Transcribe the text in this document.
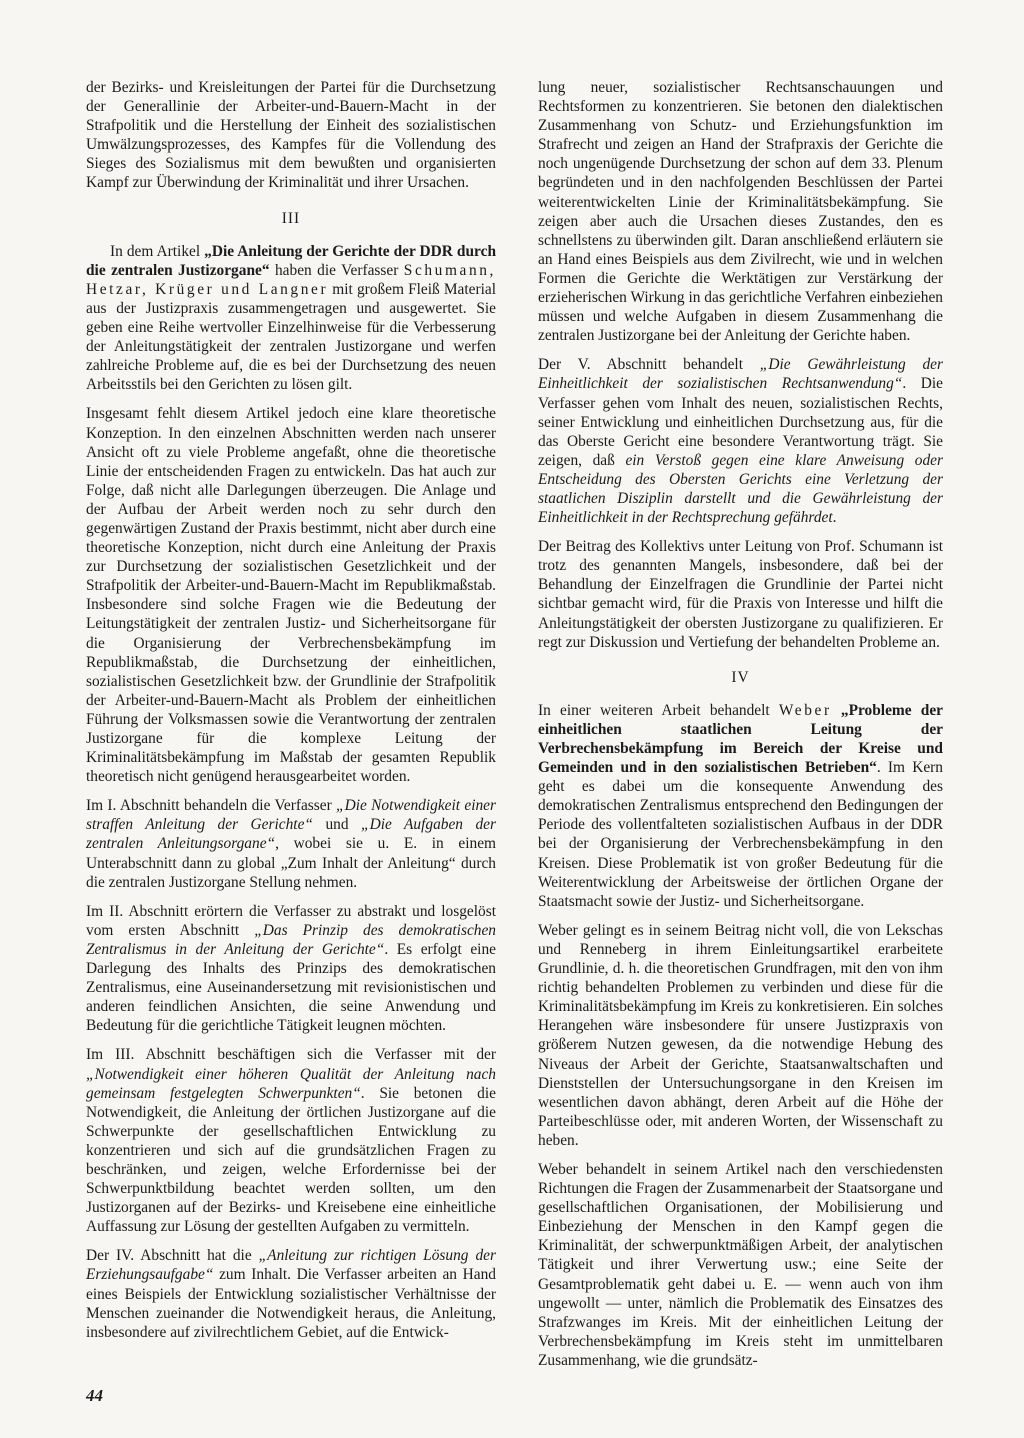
der Bezirks- und Kreisleitungen der Partei für die Durchsetzung der Generallinie der Arbeiter-und-Bauern-Macht in der Strafpolitik und die Herstellung der Einheit des sozialistischen Umwälzungsprozesses, des Kampfes für die Vollendung des Sieges des Sozialismus mit dem bewußten und organisierten Kampf zur Überwindung der Kriminalität und ihrer Ursachen.

III

In dem Artikel „Die Anleitung der Gerichte der DDR durch die zentralen Justizorgane“ haben die Verfasser Schumann, Hetzar, Krüger und Langner mit großem Fleiß Material aus der Justizpraxis zusammengetragen und ausgewertet. Sie geben eine Reihe wertvoller Einzelhinweise für die Verbesserung der Anleitungstätigkeit der zentralen Justizorgane und werfen zahlreiche Probleme auf, die es bei der Durchsetzung des neuen Arbeitsstils bei den Gerichten zu lösen gilt.

Insgesamt fehlt diesem Artikel jedoch eine klare theoretische Konzeption. In den einzelnen Abschnitten werden nach unserer Ansicht oft zu viele Probleme angefaßt, ohne die theoretische Linie der entscheidenden Fragen zu entwickeln. Das hat auch zur Folge, daß nicht alle Darlegungen überzeugen. Die Anlage und der Aufbau der Arbeit werden noch zu sehr durch den gegenwärtigen Zustand der Praxis bestimmt, nicht aber durch eine theoretische Konzeption, nicht durch eine Anleitung der Praxis zur Durchsetzung der sozialistischen Gesetzlichkeit und der Strafpolitik der Arbeiter-und-Bauern-Macht im Republikmaßstab. Insbesondere sind solche Fragen wie die Bedeutung der Leitungstätigkeit der zentralen Justiz- und Sicherheitsorgane für die Organisierung der Verbrechensbekämpfung im Republikmaßstab, die Durchsetzung der einheitlichen, sozialistischen Gesetzlichkeit bzw. der Grundlinie der Strafpolitik der Arbeiter-und-Bauern-Macht als Problem der einheitlichen Führung der Volksmassen sowie die Verantwortung der zentralen Justizorgane für die komplexe Leitung der Kriminalitätsbekämpfung im Maßstab der gesamten Republik theoretisch nicht genügend herausgearbeitet worden.

Im I. Abschnitt behandeln die Verfasser „Die Notwendigkeit einer straffen Anleitung der Gerichte“ und „Die Aufgaben der zentralen Anleitungsorgane“, wobei sie u. E. in einem Unterabschnitt dann zu global „Zum Inhalt der Anleitung“ durch die zentralen Justizorgane Stellung nehmen.

Im II. Abschnitt erörtern die Verfasser zu abstrakt und losgelöst vom ersten Abschnitt „Das Prinzip des demokratischen Zentralismus in der Anleitung der Gerichte“. Es erfolgt eine Darlegung des Inhalts des Prinzips des demokratischen Zentralismus, eine Auseinandersetzung mit revisionistischen und anderen feindlichen Ansichten, die seine Anwendung und Bedeutung für die gerichtliche Tätigkeit leugnen möchten.

Im III. Abschnitt beschäftigen sich die Verfasser mit der „Notwendigkeit einer höheren Qualität der Anleitung nach gemeinsam festgelegten Schwerpunkten“. Sie betonen die Notwendigkeit, die Anleitung der örtlichen Justizorgane auf die Schwerpunkte der gesellschaftlichen Entwicklung zu konzentrieren und sich auf die grundsätzlichen Fragen zu beschränken, und zeigen, welche Erfordernisse bei der Schwerpunktbildung beachtet werden sollten, um den Justizorganen auf der Bezirks- und Kreisebene eine einheitliche Auffassung zur Lösung der gestellten Aufgaben zu vermitteln.

Der IV. Abschnitt hat die „Anleitung zur richtigen Lösung der Erziehungsaufgabe“ zum Inhalt. Die Verfasser arbeiten an Hand eines Beispiels der Entwicklung sozialistischer Verhältnisse der Menschen zueinander die Notwendigkeit heraus, die Anleitung, insbesondere auf zivilrechtlichem Gebiet, auf die Entwick-

lung neuer, sozialistischer Rechtsanschauungen und Rechtsformen zu konzentrieren. Sie betonen den dialektischen Zusammenhang von Schutz- und Erziehungsfunktion im Strafrecht und zeigen an Hand der Strafpraxis der Gerichte die noch ungenügende Durchsetzung der schon auf dem 33. Plenum begründeten und in den nachfolgenden Beschlüssen der Partei weiterentwickelten Linie der Kriminalitätsbekämpfung. Sie zeigen aber auch die Ursachen dieses Zustandes, den es schnellstens zu überwinden gilt. Daran anschließend erläutern sie an Hand eines Beispiels aus dem Zivilrecht, wie und in welchen Formen die Gerichte die Werktätigen zur Verstärkung der erzieherischen Wirkung in das gerichtliche Verfahren einbeziehen müssen und welche Aufgaben in diesem Zusammenhang die zentralen Justizorgane bei der Anleitung der Gerichte haben.

Der V. Abschnitt behandelt „Die Gewährleistung der Einheitlichkeit der sozialistischen Rechtsanwendung“. Die Verfasser gehen vom Inhalt des neuen, sozialistischen Rechts, seiner Entwicklung und einheitlichen Durchsetzung aus, für die das Oberste Gericht eine besondere Verantwortung trägt. Sie zeigen, daß ein Verstoß gegen eine klare Anweisung oder Entscheidung des Obersten Gerichts eine Verletzung der staatlichen Disziplin darstellt und die Gewährleistung der Einheitlichkeit in der Rechtsprechung gefährdet.

Der Beitrag des Kollektivs unter Leitung von Prof. Schumann ist trotz des genannten Mangels, insbesondere, daß bei der Behandlung der Einzelfragen die Grundlinie der Partei nicht sichtbar gemacht wird, für die Praxis von Interesse und hilft die Anleitungstätigkeit der obersten Justizorgane zu qualifizieren. Er regt zur Diskussion und Vertiefung der behandelten Probleme an.

IV

In einer weiteren Arbeit behandelt Weber „Probleme der einheitlichen staatlichen Leitung der Verbrechensbekämpfung im Bereich der Kreise und Gemeinden und in den sozialistischen Betrieben“. Im Kern geht es dabei um die konsequente Anwendung des demokratischen Zentralismus entsprechend den Bedingungen der Periode des vollentfalteten sozialistischen Aufbaus in der DDR bei der Organisierung der Verbrechensbekämpfung in den Kreisen. Diese Problematik ist von großer Bedeutung für die Weiterentwicklung der Arbeitsweise der örtlichen Organe der Staatsmacht sowie der Justiz- und Sicherheitsorgane.

Weber gelingt es in seinem Beitrag nicht voll, die von Lekschas und Renneberg in ihrem Einleitungsartikel erarbeitete Grundlinie, d. h. die theoretischen Grundfragen, mit den von ihm richtig behandelten Problemen zu verbinden und diese für die Kriminalitätsbekämpfung im Kreis zu konkretisieren. Ein solches Herangehen wäre insbesondere für unsere Justizpraxis von größerem Nutzen gewesen, da die notwendige Hebung des Niveaus der Arbeit der Gerichte, Staatsanwaltschaften und Dienststellen der Untersuchungsorgane in den Kreisen im wesentlichen davon abhängt, deren Arbeit auf die Höhe der Parteibeschlüsse oder, mit anderen Worten, der Wissenschaft zu heben.

Weber behandelt in seinem Artikel nach den verschiedensten Richtungen die Fragen der Zusammenarbeit der Staatsorgane und gesellschaftlichen Organisationen, der Mobilisierung und Einbeziehung der Menschen in den Kampf gegen die Kriminalität, der schwerpunktmäßigen Arbeit, der analytischen Tätigkeit und ihrer Verwertung usw.; eine Seite der Gesamtproblematik geht dabei u. E. — wenn auch von ihm ungewollt — unter, nämlich die Problematik des Einsatzes des Strafzwanges im Kreis. Mit der einheitlichen Leitung der Verbrechensbekämpfung im Kreis steht im unmittelbaren Zusammenhang, wie die grundsätz-

44
